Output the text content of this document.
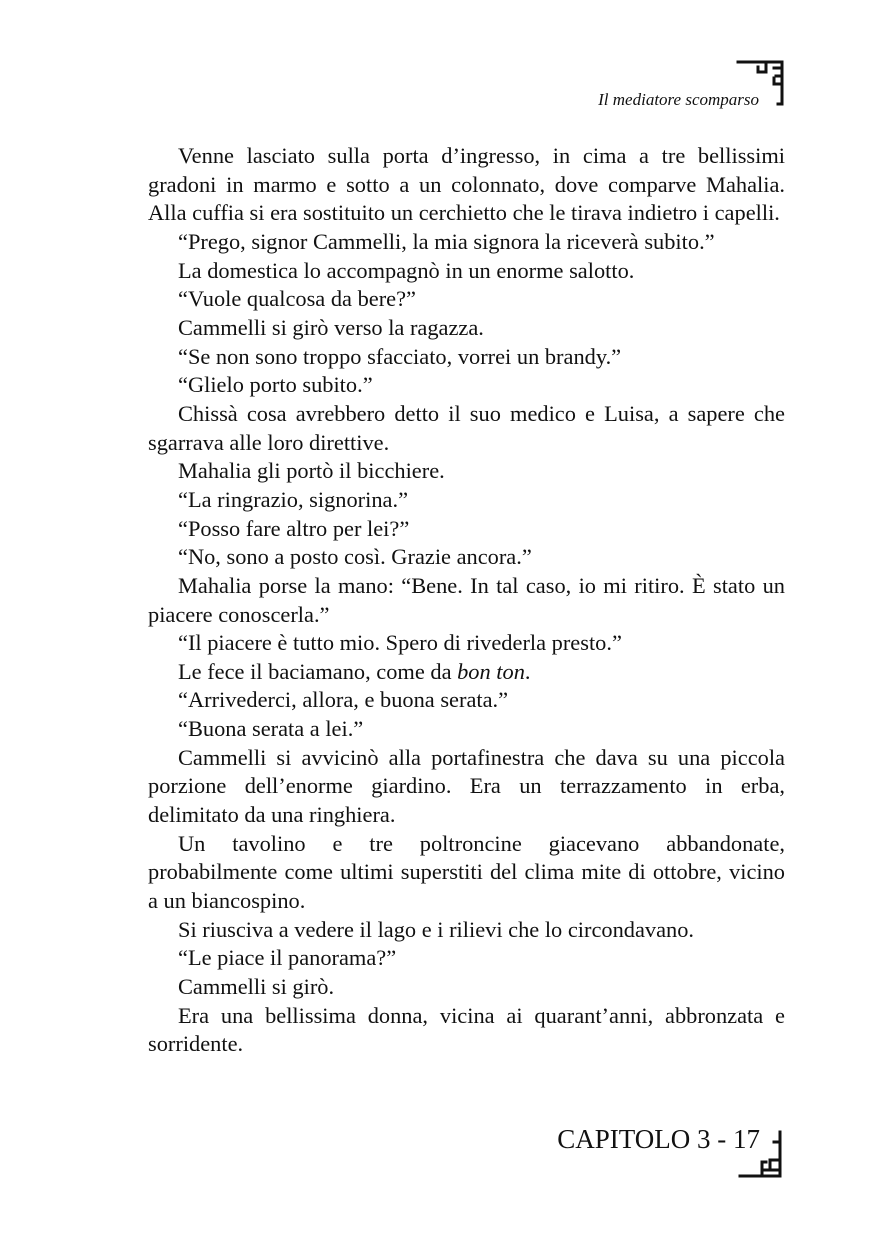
Il mediatore scomparso

Venne lasciato sulla porta d’ingresso, in cima a tre bellissimi gradoni in marmo e sotto a un colonnato, dove comparve Mahalia. Alla cuffia si era sostituito un cerchietto che le tirava indietro i capelli.

“Prego, signor Cammelli, la mia signora la riceverà subito.”

La domestica lo accompagnò in un enorme salotto.

“Vuole qualcosa da bere?”

Cammelli si girò verso la ragazza.

“Se non sono troppo sfacciato, vorrei un brandy.”

“Glielo porto subito.”

Chissà cosa avrebbero detto il suo medico e Luisa, a sapere che sgarrava alle loro direttive.

Mahalia gli portò il bicchiere.

“La ringrazio, signorina.”

“Posso fare altro per lei?”

“No, sono a posto così. Grazie ancora.”

Mahalia porse la mano: “Bene. In tal caso, io mi ritiro. È stato un piacere conoscerla.”

“Il piacere è tutto mio. Spero di rivederla presto.”

Le fece il baciamano, come da bon ton.

“Arrivederci, allora, e buona serata.”

“Buona serata a lei.”

Cammelli si avvicinò alla portafinestra che dava su una piccola porzione dell’enorme giardino. Era un terrazzamento in erba, delimitato da una ringhiera.

Un tavolino e tre poltroncine giacevano abbandonate, probabilmente come ultimi superstiti del clima mite di ottobre, vicino a un biancospino.

Si riusciva a vedere il lago e i rilievi che lo circondavano.

“Le piace il panorama?”

Cammelli si girò.

Era una bellissima donna, vicina ai quarant’anni, abbronzata e sorridente.

CAPITOLO 3 - 17
